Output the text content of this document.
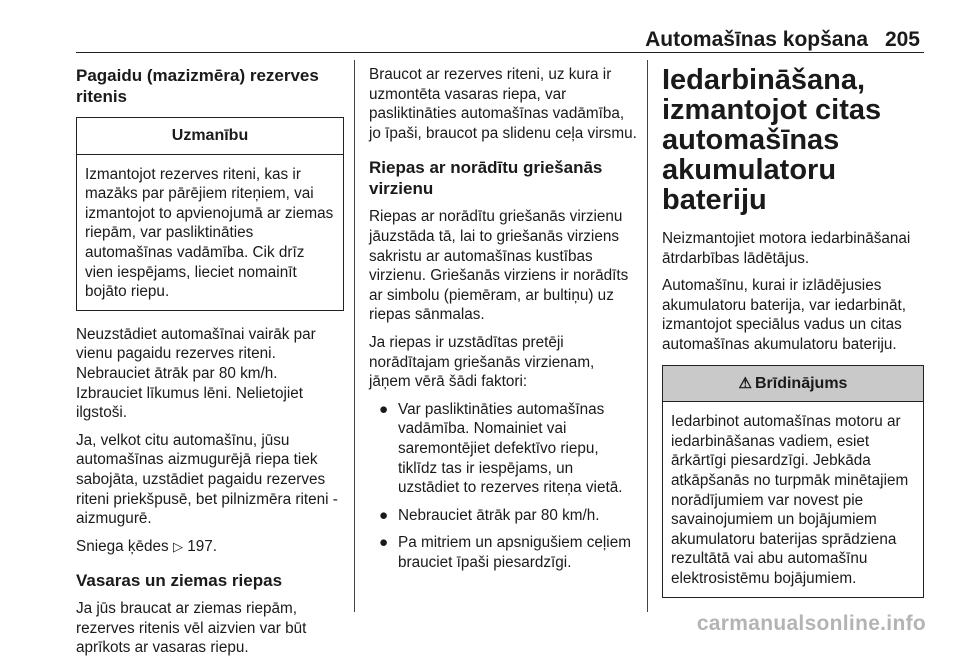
Automašīnas kopšana 205
Pagaidu (mazizmēra) rezerves ritenis
Uzmanību
Izmantojot rezerves riteni, kas ir mazāks par pārējiem riteņiem, vai izmantojot to apvienojumā ar ziemas riepām, var pasliktināties automašīnas vadāmība. Cik drīz vien iespējams, lieciet nomainīt bojāto riepu.

Neuzstādiet automašīnai vairāk par vienu pagaidu rezerves riteni. Nebrauciet ātrāk par 80 km/h. Izbrauciet līkumus lēni. Nelietojiet ilgstoši.

Ja, velkot citu automašīnu, jūsu automašīnas aizmugurējā riepa tiek sabojāta, uzstādiet pagaidu rezerves riteni priekšpusē, bet pilnizmēra riteni - aizmugurē.

Sniega ķēdes ▷ 197.

Vasaras un ziemas riepas

Ja jūs braucat ar ziemas riepām, rezerves ritenis vēl aizvien var būt aprīkots ar vasaras riepu.

Braucot ar rezerves riteni, uz kura ir uzmontēta vasaras riepa, var pasliktināties automašīnas vadāmība, jo īpaši, braucot pa slidenu ceļa virsmu.

Riepas ar norādītu griešanās virzienu

Riepas ar norādītu griešanās virzienu jāuzstāda tā, lai to griešanās virziens sakristu ar automašīnas kustības virzienu. Griešanās virziens ir norādīts ar simbolu (piemēram, ar bultiņu) uz riepas sānmalas.

Ja riepas ir uzstādītas pretēji norādītajam griešanās virzienam, jāņem vērā šādi faktori:

● Var pasliktināties automašīnas vadāmība. Nomainiet vai saremontējiet defektīvo riepu, tiklīdz tas ir iespējams, un uzstādiet to rezerves riteņa vietā.
● Nebrauciet ātrāk par 80 km/h.
● Pa mitriem un apsnigušiem ceļiem brauciet īpaši piesardzīgi.
Iedarbināšana, izmantojot citas automašīnas akumulatoru bateriju

Neizmantojiet motora iedarbināšanai ātrdarbības lādētājus.

Automašīnu, kurai ir izlādējusies akumulatoru baterija, var iedarbināt, izmantojot speciālus vadus un citas automašīnas akumulatoru bateriju.

⚠ Brīdinājums
Iedarbinot automašīnas motoru ar iedarbināšanas vadiem, esiet ārkārtīgi piesardzīgi. Jebkāda atkāpšanās no turpmāk minētajiem norādījumiem var novest pie savainojumiem un bojājumiem akumulatoru baterijas sprādziena rezultātā vai abu automašīnu elektrosistēmu bojājumiem.
carmanualsonline.info
